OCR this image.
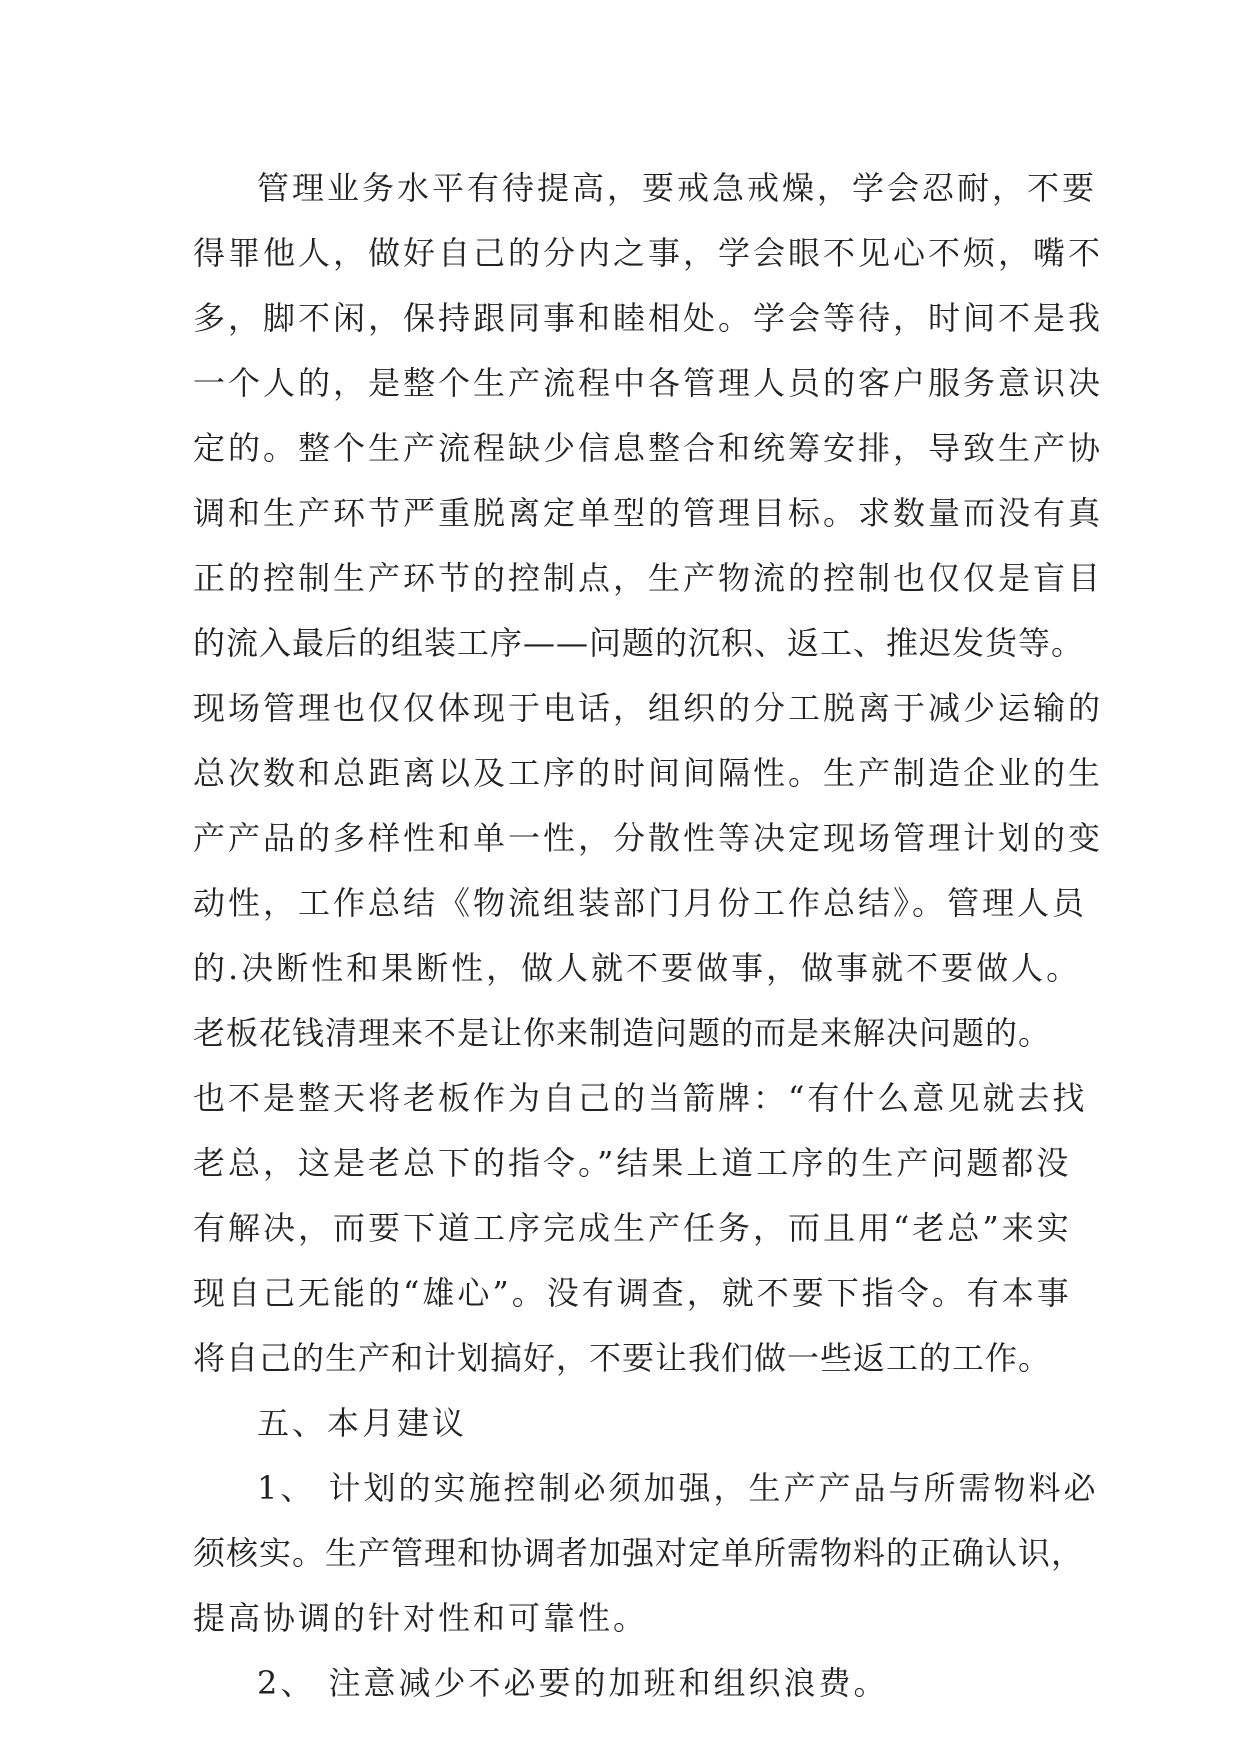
管理业务水平有待提高，要戒急戒燥，学会忍耐，不要
得罪他人，做好自己的分内之事，学会眼不见心不烦，嘴不
多，脚不闲，保持跟同事和睦相处。学会等待，时间不是我
一个人的，是整个生产流程中各管理人员的客户服务意识决
定的。整个生产流程缺少信息整合和统筹安排，导致生产协
调和生产环节严重脱离定单型的管理目标。求数量而没有真
正的控制生产环节的控制点，生产物流的控制也仅仅是盲目
的流入最后的组装工序——问题的沉积、返工、推迟发货等。
现场管理也仅仅体现于电话，组织的分工脱离于减少运输的
总次数和总距离以及工序的时间间隔性。生产制造企业的生
产产品的多样性和单一性，分散性等决定现场管理计划的变
动性，工作总结《物流组装部门月份工作总结》。管理人员
的.决断性和果断性，做人就不要做事，做事就不要做人。
老板花钱清理来不是让你来制造问题的而是来解决问题的。
也不是整天将老板作为自己的当箭牌：“有什么意见就去找
老总，这是老总下的指令。”结果上道工序的生产问题都没
有解决，而要下道工序完成生产任务，而且用“老总”来实
现自己无能的“雄心”。没有调查，就不要下指令。有本事
将自己的生产和计划搞好，不要让我们做一些返工的工作。
五、本月建议
1、 计划的实施控制必须加强，生产产品与所需物料必
须核实。生产管理和协调者加强对定单所需物料的正确认识，
提高协调的针对性和可靠性。
2、 注意减少不必要的加班和组织浪费。
